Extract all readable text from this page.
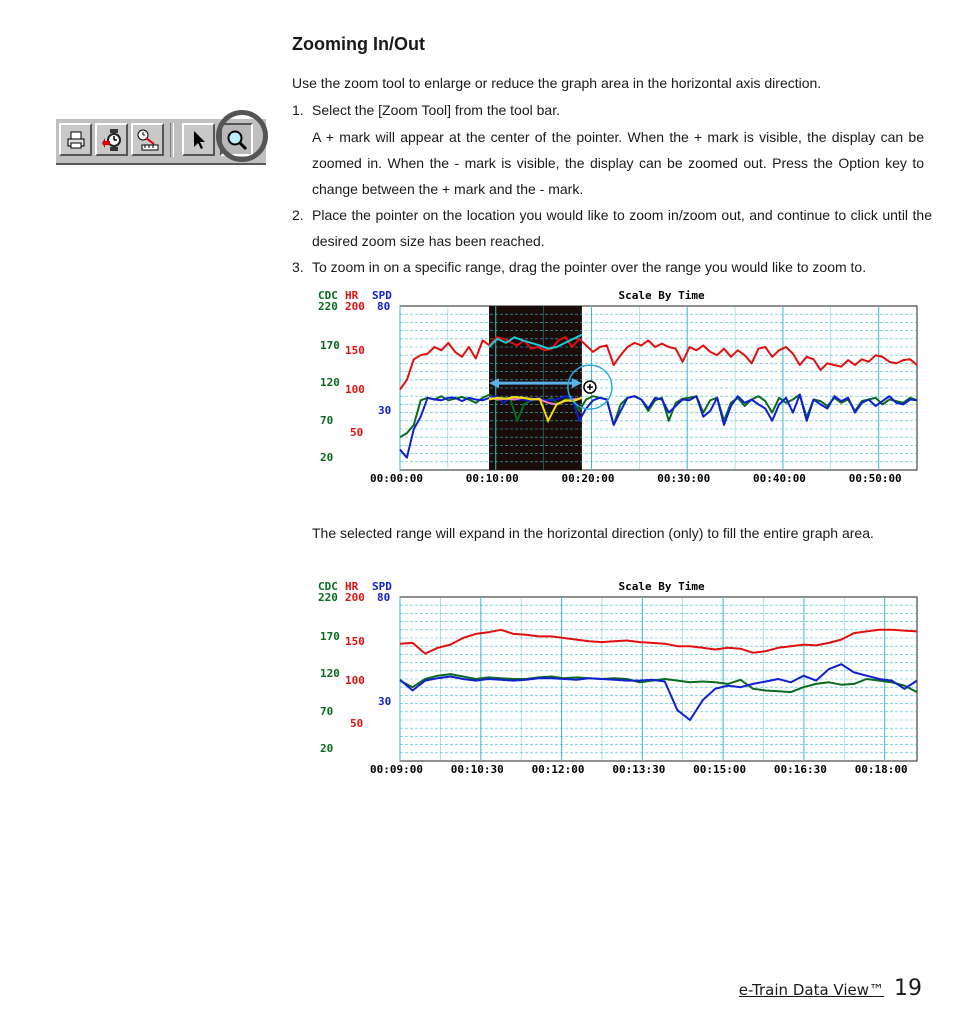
Zooming In/Out

Use the zoom tool to enlarge or reduce the graph area in the horizontal axis direction.

1. Select the [Zoom Tool] from the tool bar.

A + mark will appear at the center of the pointer. When the + mark is visible, the display can be zoomed in. When the - mark is visible, the display can be zoomed out. Press the Option key to change between the + mark and the - mark.

2. Place the pointer on the location you would like to zoom in/zoom out, and continue to click until the desired zoom size has been reached.
3. To zoom in on a specific range, drag the pointer over the range you would like to zoom to.
Scale By Time
CDC HR SPD
220 200 80
170
120
70
20
150
100
50
30
00:00:00	00:10:00	00:20:00	00:30:00	00:40:00	00:50:00

The selected range will expand in the horizontal direction (only) to fill the entire graph area.

Scale By Time
CDC HR SPD
220 200 80
170
120
70
20
150
100
50
30
00:09:00	00:10:30	00:12:00	00:13:30	00:15:00	00:16:30	00:18:00
e-Train Data View™ 19
